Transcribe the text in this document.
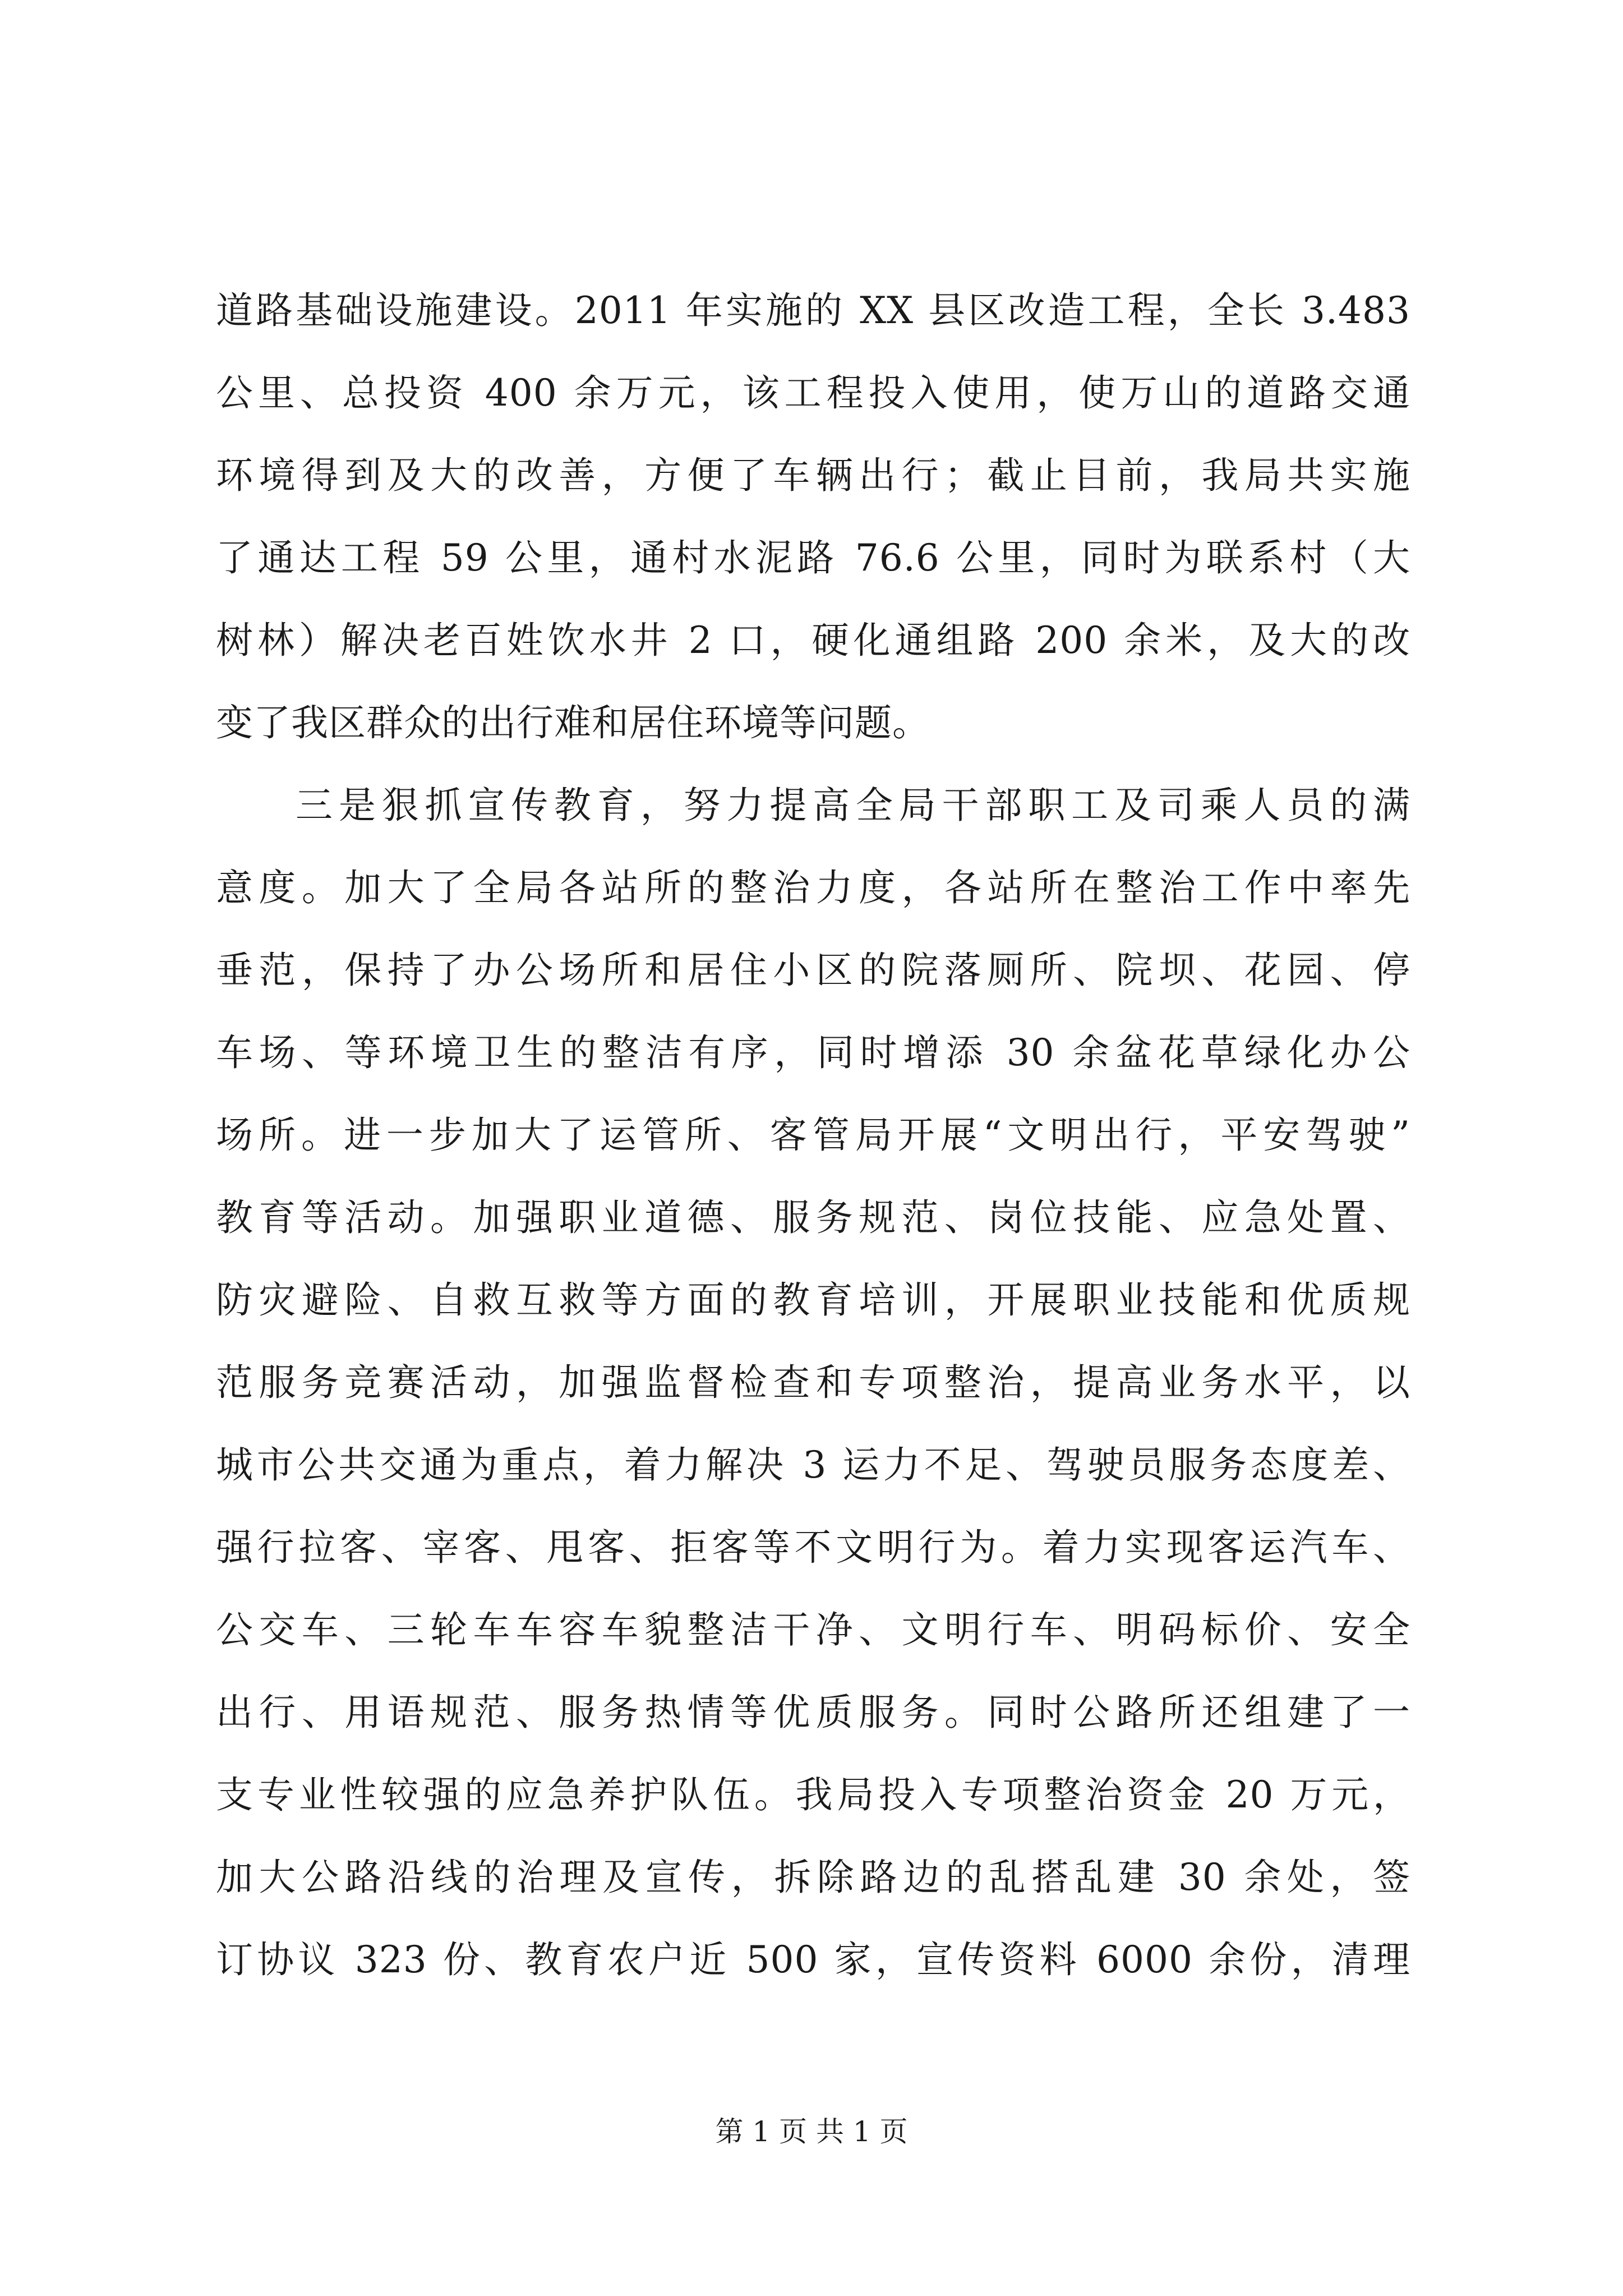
道路基础设施建设。2011 年实施的 XX 县区改造工程，全长 3.483
公里、总投资 400 余万元，该工程投入使用，使万山的道路交通
环境得到及大的改善，方便了车辆出行；截止目前，我局共实施
了通达工程 59 公里，通村水泥路 76.6 公里，同时为联系村（大
树林）解决老百姓饮水井 2 口，硬化通组路 200 余米，及大的改
变了我区群众的出行难和居住环境等问题。
三是狠抓宣传教育，努力提高全局干部职工及司乘人员的满
意度。加大了全局各站所的整治力度，各站所在整治工作中率先
垂范，保持了办公场所和居住小区的院落厕所、院坝、花园、停
车场、等环境卫生的整洁有序，同时增添 30 余盆花草绿化办公
场所。进一步加大了运管所、客管局开展“文明出行，平安驾驶”
教育等活动。加强职业道德、服务规范、岗位技能、应急处置、
防灾避险、自救互救等方面的教育培训，开展职业技能和优质规
范服务竞赛活动，加强监督检查和专项整治，提高业务水平，以
城市公共交通为重点，着力解决 3 运力不足、驾驶员服务态度差、
强行拉客、宰客、甩客、拒客等不文明行为。着力实现客运汽车、
公交车、三轮车车容车貌整洁干净、文明行车、明码标价、安全
出行、用语规范、服务热情等优质服务。同时公路所还组建了一
支专业性较强的应急养护队伍。我局投入专项整治资金 20 万元，
加大公路沿线的治理及宣传，拆除路边的乱搭乱建 30 余处，签
订协议 323 份、教育农户近 500 家，宣传资料 6000 余份，清理
第 1 页 共 1 页
